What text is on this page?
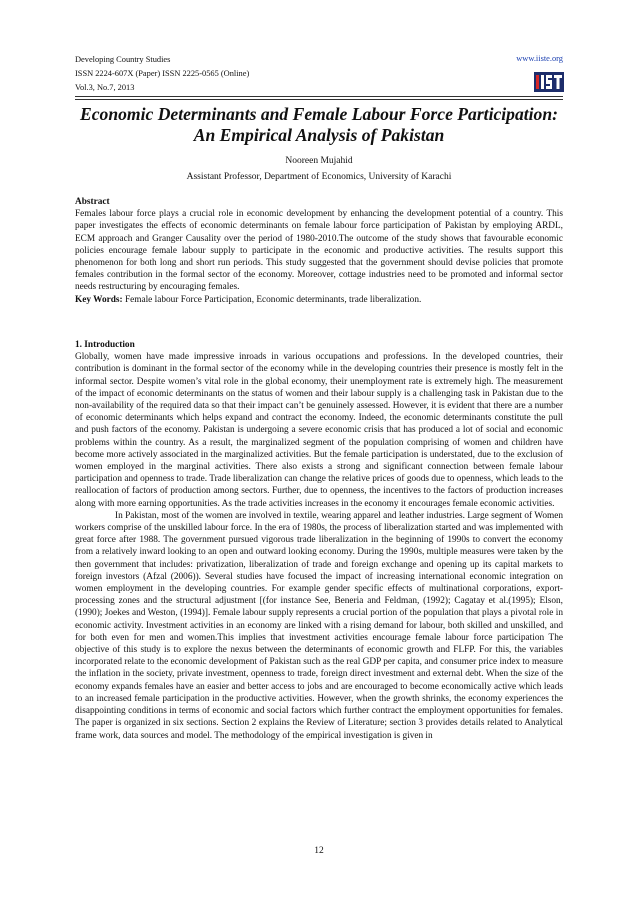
Developing Country Studies
ISSN 2224-607X (Paper) ISSN 2225-0565 (Online)
Vol.3, No.7, 2013
www.iiste.org
Economic Determinants and Female Labour Force Participation:
An Empirical Analysis of Pakistan
Nooreen Mujahid
Assistant Professor, Department of Economics, University of Karachi

Abstract

Females labour force plays a crucial role in economic development by enhancing the development potential of a country. This paper investigates the effects of economic determinants on female labour force participation of Pakistan by employing ARDL, ECM approach and Granger Causality over the period of 1980-2010.The outcome of the study shows that favourable economic policies encourage female labour supply to participate in the economic and productive activities. The results support this phenomenon for both long and short run periods. This study suggested that the government should devise policies that promote females contribution in the formal sector of the economy. Moreover, cottage industries need to be promoted and informal sector needs restructuring by encouraging females.

Key Words: Female labour Force Participation, Economic determinants, trade liberalization.

1. Introduction

Globally, women have made impressive inroads in various occupations and professions. In the developed countries, their contribution is dominant in the formal sector of the economy while in the developing countries their presence is mostly felt in the informal sector. Despite women’s vital role in the global economy, their unemployment rate is extremely high. The measurement of the impact of economic determinants on the status of women and their labour supply is a challenging task in Pakistan due to the non-availability of the required data so that their impact can’t be genuinely assessed. However, it is evident that there are a number of economic determinants which helps expand and contract the economy. Indeed, the economic determinants constitute the pull and push factors of the economy. Pakistan is undergoing a severe economic crisis that has produced a lot of social and economic problems within the country. As a result, the marginalized segment of the population comprising of women and children have become more actively associated in the marginalized activities. But the female participation is understated, due to the exclusion of women employed in the marginal activities. There also exists a strong and significant connection between female labour participation and openness to trade. Trade liberalization can change the relative prices of goods due to openness, which leads to the reallocation of factors of production among sectors. Further, due to openness, the incentives to the factors of production increases along with more earning opportunities. As the trade activities increases in the economy it encourages female economic activities.

In Pakistan, most of the women are involved in textile, wearing apparel and leather industries. Large segment of Women workers comprise of the unskilled labour force. In the era of 1980s, the process of liberalization started and was implemented with great force after 1988. The government pursued vigorous trade liberalization in the beginning of 1990s to convert the economy from a relatively inward looking to an open and outward looking economy. During the 1990s, multiple measures were taken by the then government that includes: privatization, liberalization of trade and foreign exchange and opening up its capital markets to foreign investors (Afzal (2006)). Several studies have focused the impact of increasing international economic integration on women employment in the developing countries. For example gender specific effects of multinational corporations, export-processing zones and the structural adjustment [(for instance See, Beneria and Feldman, (1992); Cagatay et al.(1995); Elson, (1990); Joekes and Weston, (1994)]. Female labour supply represents a crucial portion of the population that plays a pivotal role in economic activity. Investment activities in an economy are linked with a rising demand for labour, both skilled and unskilled, and for both even for men and women.This implies that investment activities encourage female labour force participation The objective of this study is to explore the nexus between the determinants of economic growth and FLFP. For this, the variables incorporated relate to the economic development of Pakistan such as the real GDP per capita, and consumer price index to measure the inflation in the society, private investment, openness to trade, foreign direct investment and external debt. When the size of the economy expands females have an easier and better access to jobs and are encouraged to become economically active which leads to an increased female participation in the productive activities. However, when the growth shrinks, the economy experiences the disappointing conditions in terms of economic and social factors which further contract the employment opportunities for females. The paper is organized in six sections. Section 2 explains the Review of Literature; section 3 provides details related to Analytical frame work, data sources and model. The methodology of the empirical investigation is given in

12
